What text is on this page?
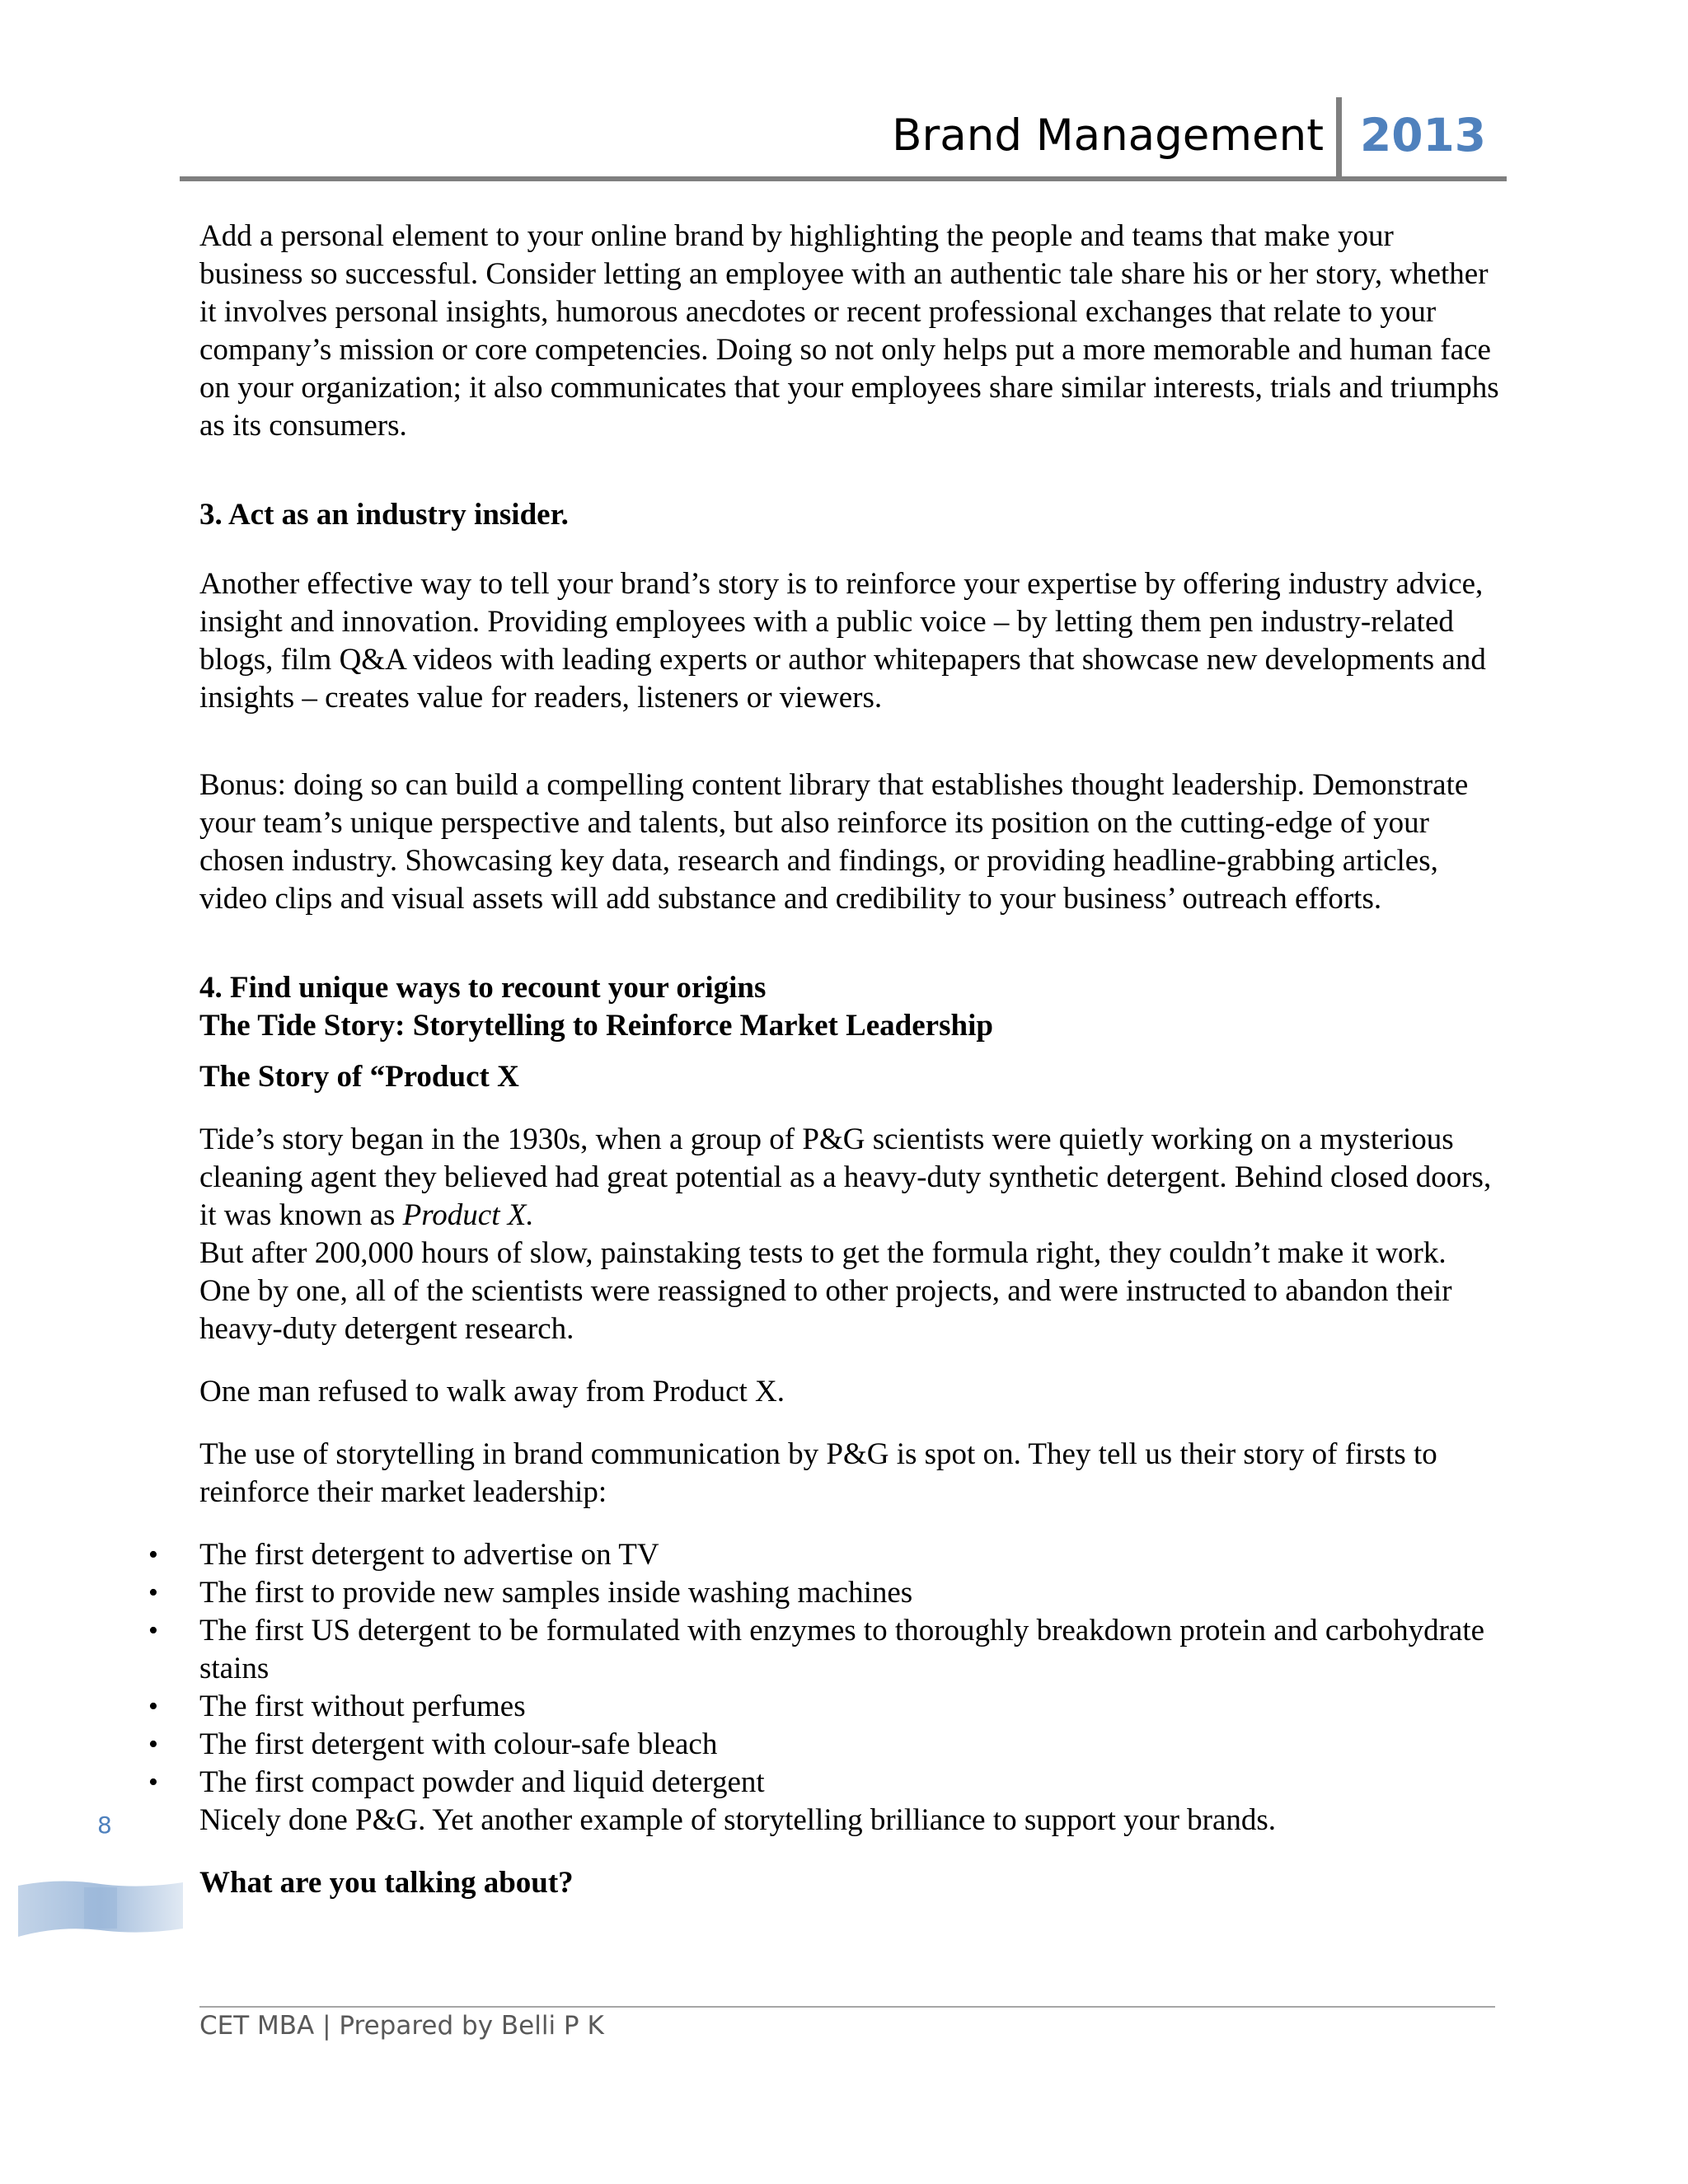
Brand Management 2013

Add a personal element to your online brand by highlighting the people and teams that make your business so successful. Consider letting an employee with an authentic tale share his or her story, whether it involves personal insights, humorous anecdotes or recent professional exchanges that relate to your company’s mission or core competencies. Doing so not only helps put a more memorable and human face on your organization; it also communicates that your employees share similar interests, trials and triumphs as its consumers.

3. Act as an industry insider.

Another effective way to tell your brand’s story is to reinforce your expertise by offering industry advice, insight and innovation. Providing employees with a public voice – by letting them pen industry-related blogs, film Q&A videos with leading experts or author whitepapers that showcase new developments and insights – creates value for readers, listeners or viewers.

Bonus: doing so can build a compelling content library that establishes thought leadership. Demonstrate your team’s unique perspective and talents, but also reinforce its position on the cutting-edge of your chosen industry. Showcasing key data, research and findings, or providing headline-grabbing articles, video clips and visual assets will add substance and credibility to your business’ outreach efforts.

4. Find unique ways to recount your origins

The Tide Story: Storytelling to Reinforce Market Leadership

The Story of “Product X

Tide’s story began in the 1930s, when a group of P&G scientists were quietly working on a mysterious cleaning agent they believed had great potential as a heavy-duty synthetic detergent. Behind closed doors, it was known as Product X.

But after 200,000 hours of slow, painstaking tests to get the formula right, they couldn’t make it work. One by one, all of the scientists were reassigned to other projects, and were instructed to abandon their heavy-duty detergent research.

One man refused to walk away from Product X.

The use of storytelling in brand communication by P&G is spot on. They tell us their story of firsts to reinforce their market leadership:

• The first detergent to advertise on TV
• The first to provide new samples inside washing machines
• The first US detergent to be formulated with enzymes to thoroughly breakdown protein and carbohydrate stains
• The first without perfumes
• The first detergent with colour-safe bleach
• The first compact powder and liquid detergent

Nicely done P&G. Yet another example of storytelling brilliance to support your brands.

What are you talking about?

8
CET MBA | Prepared by Belli P K
